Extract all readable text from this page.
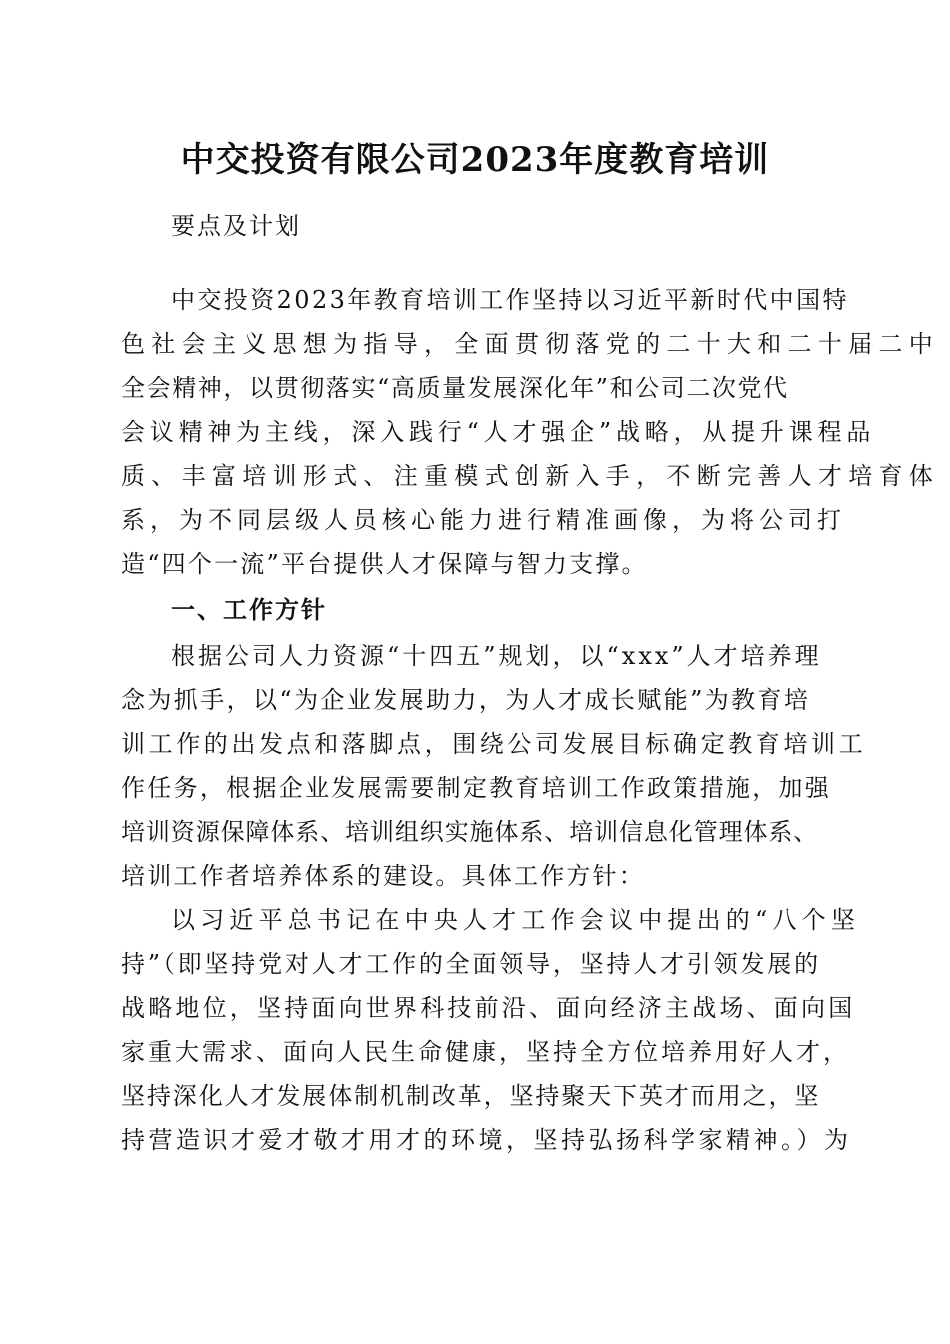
中交投资有限公司2023年度教育培训

要点及计划

中交投资2023年教育培训工作坚持以习近平新时代中国特

色社会主义思想为指导，全面贯彻落党的二十大和二十届二中

全会精神，以贯彻落实“高质量发展深化年”和公司二次党代

会议精神为主线，深入践行“人才强企”战略，从提升课程品

质、丰富培训形式、注重模式创新入手，不断完善人才培育体

系，为不同层级人员核心能力进行精准画像，为将公司打

造“四个一流”平台提供人才保障与智力支撑。

一、工作方针

根据公司人力资源“十四五”规划，以“xxx”人才培养理

念为抓手，以“为企业发展助力，为人才成长赋能”为教育培

训工作的出发点和落脚点，围绕公司发展目标确定教育培训工

作任务，根据企业发展需要制定教育培训工作政策措施，加强

培训资源保障体系、培训组织实施体系、培训信息化管理体系、

培训工作者培养体系的建设。具体工作方针：

以习近平总书记在中央人才工作会议中提出的“八个坚

持”（即坚持党对人才工作的全面领导，坚持人才引领发展的

战略地位，坚持面向世界科技前沿、面向经济主战场、面向国

家重大需求、面向人民生命健康，坚持全方位培养用好人才，

坚持深化人才发展体制机制改革，坚持聚天下英才而用之，坚

持营造识才爱才敬才用才的环境，坚持弘扬科学家精神。）为
